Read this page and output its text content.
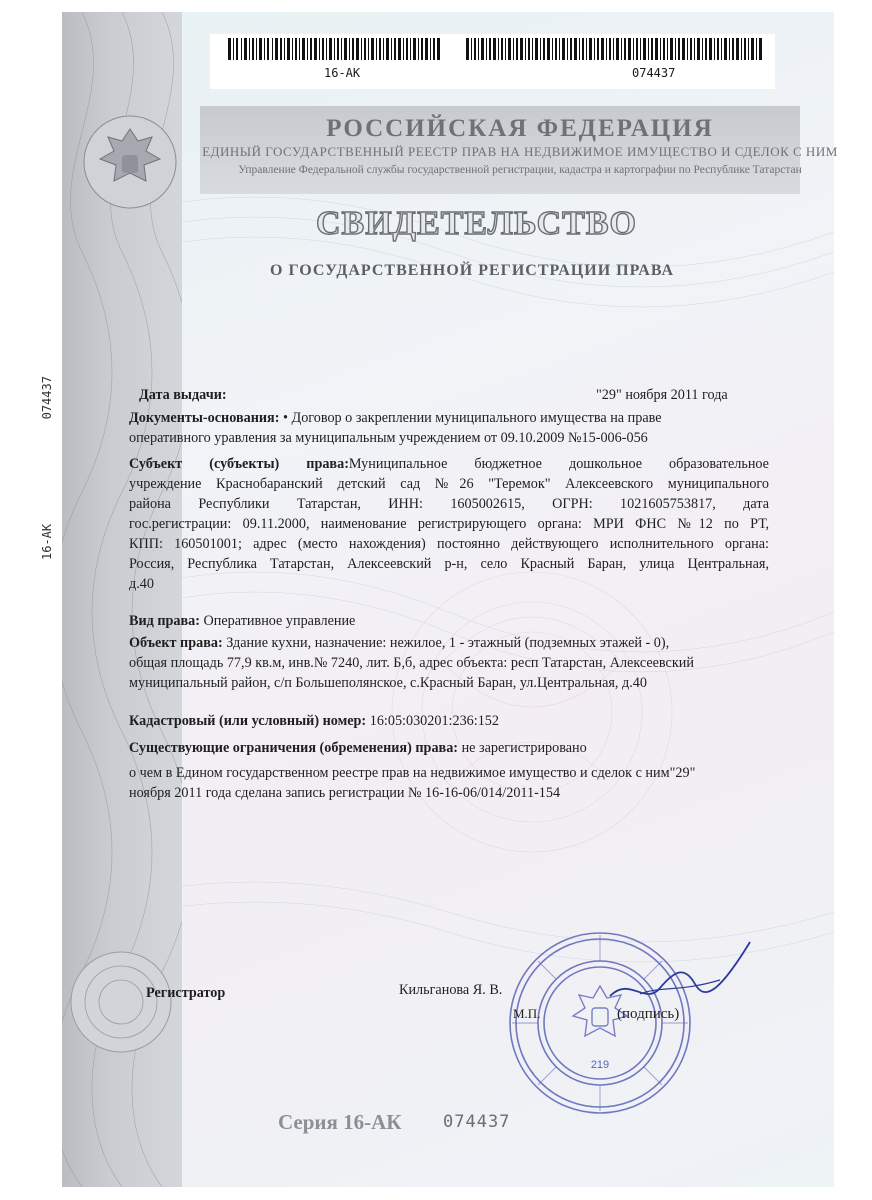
16-АК	074437
РОССИЙСКАЯ ФЕДЕРАЦИЯ
ЕДИНЫЙ ГОСУДАРСТВЕННЫЙ РЕЕСТР ПРАВ НА НЕДВИЖИМОЕ ИМУЩЕСТВО И СДЕЛОК С НИМ
Управление Федеральной службы государственной регистрации, кадастра и картографии по Республике Татарстан
СВИДЕТЕЛЬСТВО
О ГОСУДАРСТВЕННОЙ РЕГИСТРАЦИИ ПРАВА
16-АК  074437	Дата выдачи:	"29" ноября 2011 года
Документы-основания: • Договор о закреплении муниципального имущества на праве
оперативного уравления за муниципальным учреждением от 09.10.2009 №15-006-056
Субъект (субъекты) права:Муниципальное бюджетное дошкольное образовательное
учреждение Краснобаранский детский сад №26 "Теремок" Алексеевского муниципального
района Республики Татарстан, ИНН: 1605002615, ОГРН: 1021605753817, дата
гос.регистрации: 09.11.2000, наименование регистрирующего органа: МРИ ФНС №12 по РТ,
КПП: 160501001; адрес (место нахождения) постоянно действующего исполнительного органа:
Россия, Республика Татарстан, Алексеевский р-н, село Красный Баран, улица Центральная,
д.40
Вид права: Оперативное управление
Объект права: Здание кухни, назначение: нежилое, 1 - этажный (подземных этажей - 0),
общая площадь 77,9 кв.м, инв.№ 7240, лит. Б,б, адрес объекта: респ Татарстан, Алексеевский
муниципальный район, с/п Большеполянское, с.Красный Баран, ул.Центральная, д.40
Кадастровый (или условный) номер: 16:05:030201:236:152
Существующие ограничения (обременения) права: не зарегистрировано
о чем в Едином государственном реестре прав на недвижимое имущество и сделок с ним"29"
ноября 2011 года сделана запись регистрации № 16-16-06/014/2011-154
Регистратор	Кильганова Я. В.
219
М.П.	(подпись)
Серия 16-АК 074437
